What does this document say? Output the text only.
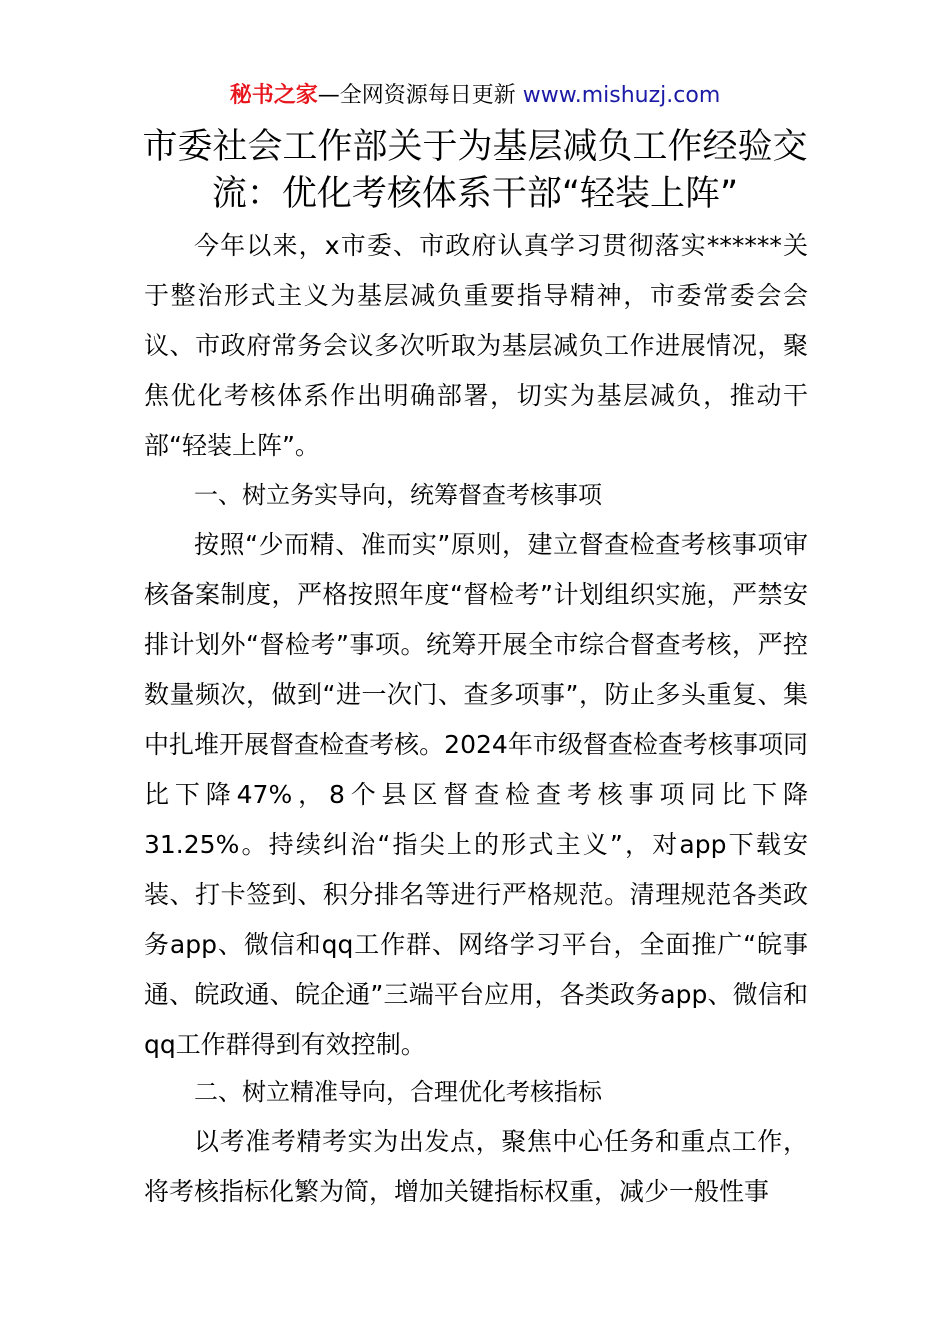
秘书之家—全网资源每日更新 www.mishuzj.com
市委社会工作部关于为基层减负工作经验交流：优化考核体系干部“轻装上阵”

今年以来，x市委、市政府认真学习贯彻落实******关于整治形式主义为基层减负重要指导精神，市委常委会会议、市政府常务会议多次听取为基层减负工作进展情况，聚焦优化考核体系作出明确部署，切实为基层减负，推动干部“轻装上阵”。

一、树立务实导向，统筹督查考核事项

按照“少而精、准而实”原则，建立督查检查考核事项审核备案制度，严格按照年度“督检考”计划组织实施，严禁安排计划外“督检考”事项。统筹开展全市综合督查考核，严控数量频次，做到“进一次门、查多项事”，防止多头重复、集中扎堆开展督查检查考核。2024年市级督查检查考核事项同比下降47%，8个县区督查检查考核事项同比下降31.25%。持续纠治“指尖上的形式主义”，对app下载安装、打卡签到、积分排名等进行严格规范。清理规范各类政务app、微信和qq工作群、网络学习平台，全面推广“皖事通、皖政通、皖企通”三端平台应用，各类政务app、微信和qq工作群得到有效控制。

二、树立精准导向，合理优化考核指标

以考准考精考实为出发点，聚焦中心任务和重点工作，将考核指标化繁为简，增加关键指标权重，减少一般性事
